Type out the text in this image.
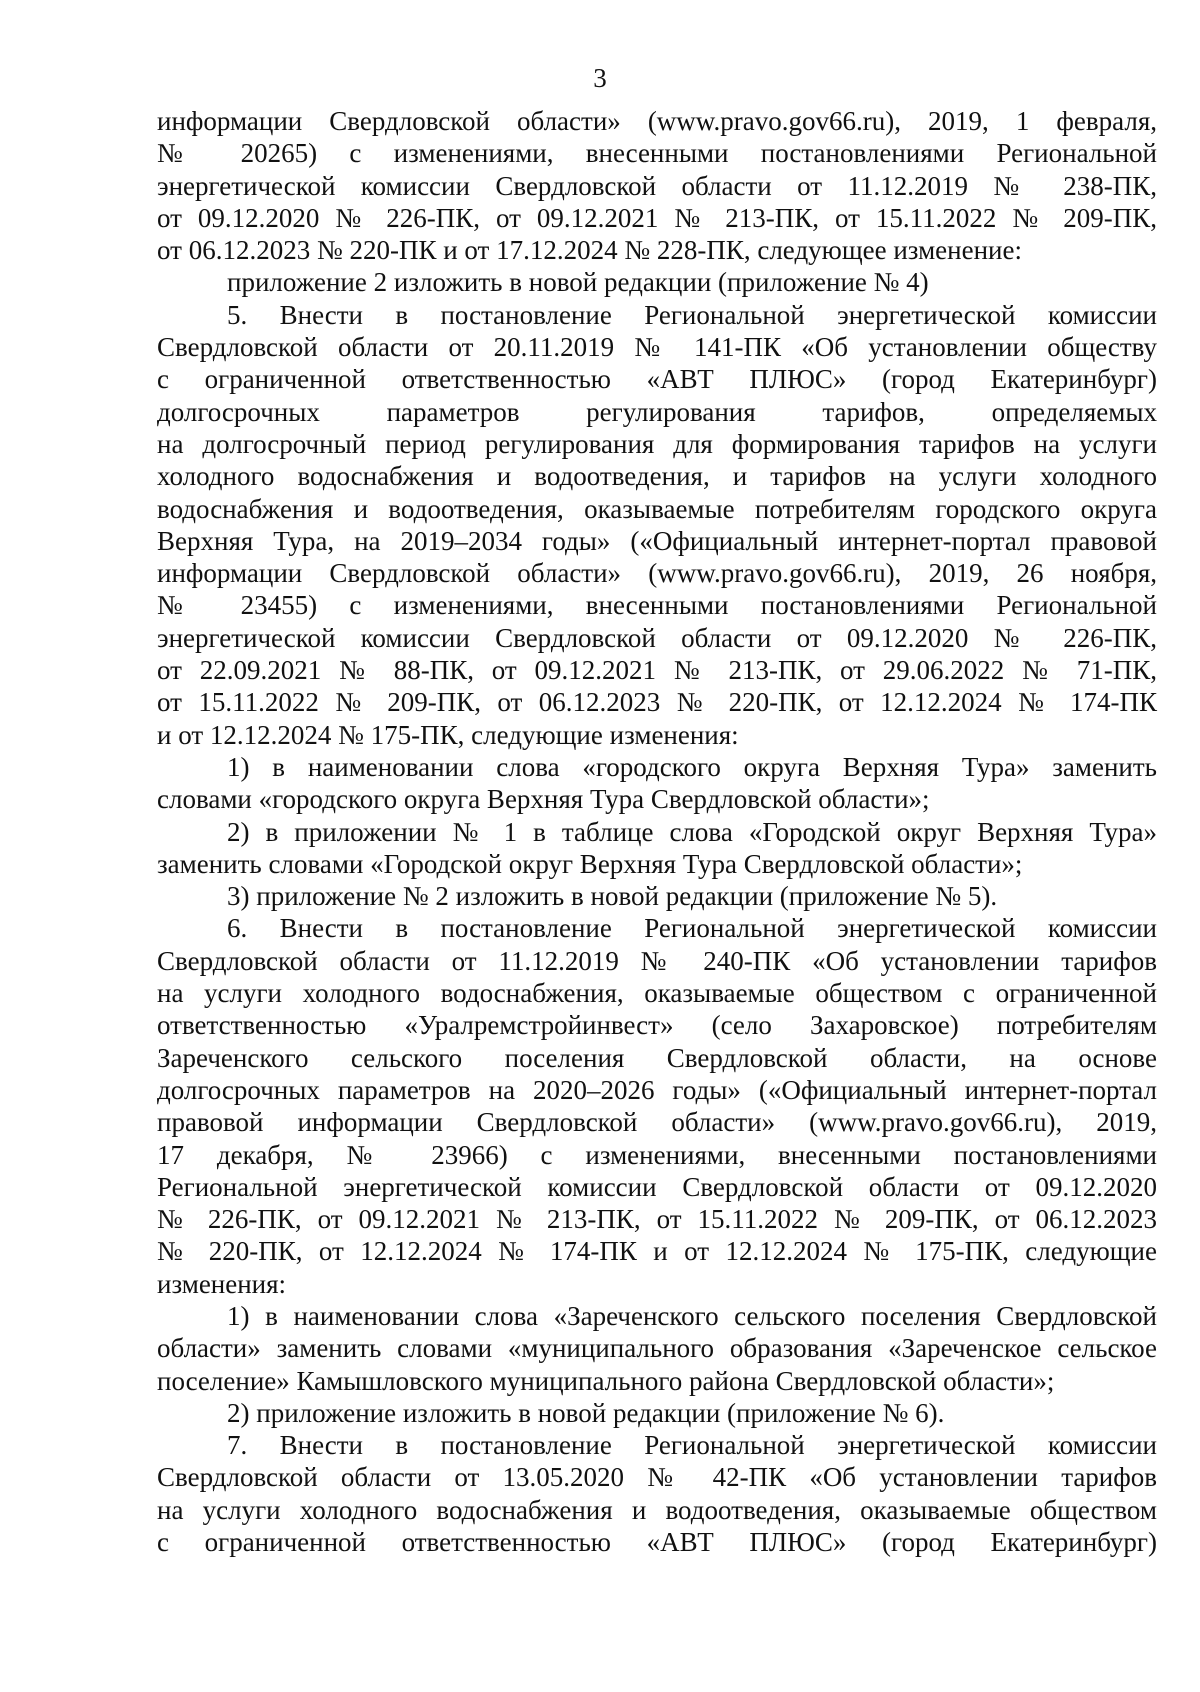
3
информации Свердловской области» (www.pravo.gov66.ru), 2019, 1 февраля,
№ 20265) с изменениями, внесенными постановлениями Региональной
энергетической комиссии Свердловской области от 11.12.2019 № 238-ПК,
от 09.12.2020 № 226-ПК, от 09.12.2021 № 213-ПК, от 15.11.2022 № 209-ПК,
от 06.12.2023 № 220-ПК и от 17.12.2024 № 228-ПК, следующее изменение:
приложение 2 изложить в новой редакции (приложение № 4)
5. Внести в постановление Региональной энергетической комиссии
Свердловской области от 20.11.2019 № 141-ПК «Об установлении обществу
с ограниченной ответственностью «АВТ ПЛЮС» (город Екатеринбург)
долгосрочных параметров регулирования тарифов, определяемых
на долгосрочный период регулирования для формирования тарифов на услуги
холодного водоснабжения и водоотведения, и тарифов на услуги холодного
водоснабжения и водоотведения, оказываемые потребителям городского округа
Верхняя Тура, на 2019–2034 годы» («Официальный интернет-портал правовой
информации Свердловской области» (www.pravo.gov66.ru), 2019, 26 ноября,
№ 23455) с изменениями, внесенными постановлениями Региональной
энергетической комиссии Свердловской области от 09.12.2020 № 226-ПК,
от 22.09.2021 № 88-ПК, от 09.12.2021 № 213-ПК, от 29.06.2022 № 71-ПК,
от 15.11.2022 № 209-ПК, от 06.12.2023 № 220-ПК, от 12.12.2024 № 174-ПК
и от 12.12.2024 № 175-ПК, следующие изменения:
1) в наименовании слова «городского округа Верхняя Тура» заменить
словами «городского округа Верхняя Тура Свердловской области»;
2) в приложении № 1 в таблице слова «Городской округ Верхняя Тура»
заменить словами «Городской округ Верхняя Тура Свердловской области»;
3) приложение № 2 изложить в новой редакции (приложение № 5).
6. Внести в постановление Региональной энергетической комиссии
Свердловской области от 11.12.2019 № 240-ПК «Об установлении тарифов
на услуги холодного водоснабжения, оказываемые обществом с ограниченной
ответственностью «Уралремстройинвест» (село Захаровское) потребителям
Зареченского сельского поселения Свердловской области, на основе
долгосрочных параметров на 2020–2026 годы» («Официальный интернет-портал
правовой информации Свердловской области» (www.pravo.gov66.ru), 2019,
17 декабря, № 23966) с изменениями, внесенными постановлениями
Региональной энергетической комиссии Свердловской области от 09.12.2020
№ 226-ПК, от 09.12.2021 № 213-ПК, от 15.11.2022 № 209-ПК, от 06.12.2023
№ 220-ПК, от 12.12.2024 № 174-ПК и от 12.12.2024 № 175-ПК, следующие
изменения:
1) в наименовании слова «Зареченского сельского поселения Свердловской
области» заменить словами «муниципального образования «Зареченское сельское
поселение» Камышловского муниципального района Свердловской области»;
2) приложение изложить в новой редакции (приложение № 6).
7. Внести в постановление Региональной энергетической комиссии
Свердловской области от 13.05.2020 № 42-ПК «Об установлении тарифов
на услуги холодного водоснабжения и водоотведения, оказываемые обществом
с ограниченной ответственностью «АВТ ПЛЮС» (город Екатеринбург)
